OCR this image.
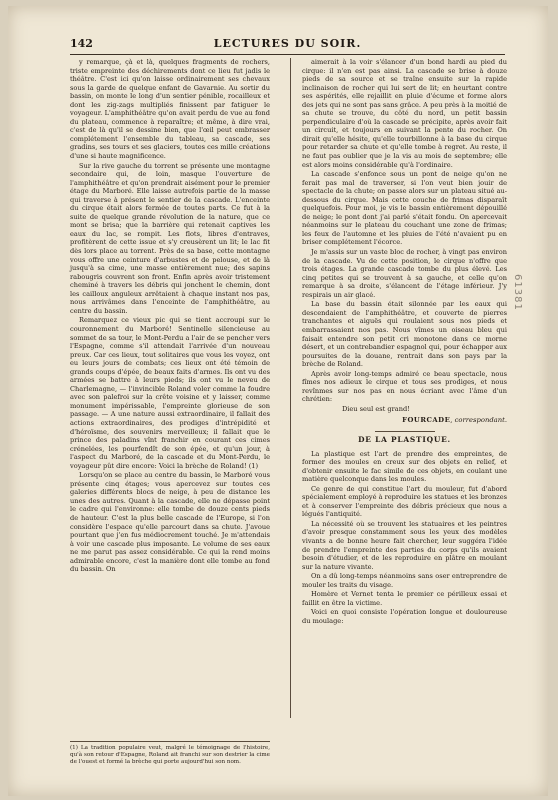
142	LECTURES DU SOIR.

y remarque, çà et là, quelques fragments de rochers, triste empreinte des déchirements dont ce lieu fut jadis le théâtre. C'est ici qu'on laisse ordinairement ses chevaux sous la garde de quelque enfant de Gavarnie. Au sortir du bassin, on monte le long d'un sentier pénible, rocailleux et dont les zig-zags multipliés finissent par fatiguer le voyageur. L'amphithéâtre qu'on avait perdu de vue au fond du plateau, commence à reparaître; et même, à dire vrai, c'est de là qu'il se dessine bien, que l'œil peut embrasser complétement l'ensemble du tableau, sa cascade, ses gradins, ses tours et ses glaciers, toutes ces mille créations d'une si haute magnificence.

Sur la rive gauche du torrent se présente une montagne secondaire qui, de loin, masque l'ouverture de l'amphithéâtre et qu'on prendrait aisément pour le premier étage du Marboré. Elle laisse autrefois partie de la masse qui traverse à présent le sentier de la cascade. L'enceinte du cirque était alors fermée de toutes parts. Ce fut à la suite de quelque grande révolution de la nature, que ce mont se brisa; que la barrière qui retenait captives les eaux du lac, se rompit. Les flots, libres d'entraves, profitèrent de cette issue et s'y creusèrent un lit; le lac fit dès lors place au torrent. Près de sa base, cette montagne vous offre une ceinture d'arbustes et de pelouse, et de là jusqu'à sa cime, une masse entièrement nue; des sapins rabougris couvrent son front. Enfin après avoir tristement cheminé à travers les débris qui jonchent le chemin, dont les cailloux anguleux arrêtaient à chaque instant nos pas, nous arrivâmes dans l'enceinte de l'amphithéâtre, au centre du bassin.

Remarquez ce vieux pic qui se tient accroupi sur le couronnement du Marboré! Sentinelle silencieuse au sommet de sa tour, le Mont-Perdu a l'air de se pencher vers l'Espagne, comme s'il attendait l'arrivée d'un nouveau preux. Car ces lieux, tout solitaires que vous les voyez, ont eu leurs jours de combats; ces lieux ont été témoin de grands coups d'épée, de beaux faits d'armes. Ils ont vu des armées se battre à leurs pieds; ils ont vu le neveu de Charlemagne, — l'invincible Roland voler comme la foudre avec son palefroi sur la crête voisine et y laisser, comme monument impérissable, l'empreinte glorieuse de son passage. — A une nature aussi extraordinaire, il fallait des actions extraordinaires, des prodiges d'intrépidité et d'héroïsme, des souvenirs merveilleux; il fallait que le prince des paladins vînt franchir en courant ces cimes crénelées, les pourfendît de son épée, et qu'un jour, à l'aspect du Marboré, de la cascade et du Mont-Perdu, le voyageur pût dire encore: Voici la brèche de Roland! (1)

Lorsqu'on se place au centre du bassin, le Marboré vous présente cinq étages; vous apercevez sur toutes ces galeries différents blocs de neige, à peu de distance les unes des autres. Quant à la cascade, elle ne dépasse point le cadre qui l'environne: elle tombe de douze cents pieds de hauteur. C'est la plus belle cascade de l'Europe, si l'on considère l'espace qu'elle parcourt dans sa chute. J'avoue pourtant que j'en fus médiocrement touché. Je m'attendais à voir une cascade plus imposante. Le volume de ses eaux ne me parut pas assez considérable. Ce qui la rend moins admirable encore, c'est la manière dont elle tombe au fond du bassin. On

(1) La tradition populaire veut, malgré le témoignage de l'histoire, qu'à son retour d'Espagne, Roland ait franchi sur son destrier la cime de l'ouest et formé la brèche qui porte aujourd'hui son nom.

aimerait à la voir s'élancer d'un bond hardi au pied du cirque: il n'en est pas ainsi. La cascade se brise à douze pieds de sa source et se traîne ensuite sur la rapide inclinaison de rocher qui lui sert de lit; en heurtant contre ses aspérités, elle rejaillit en pluie d'écume et forme alors des jets qui ne sont pas sans grâce. A peu près à la moitié de sa chute se trouve, du côté du nord, un petit bassin perpendiculaire d'où la cascade se précipite, après avoir fait un circuit, et toujours en suivant la pente du rocher. On dirait qu'elle hésite, qu'elle tourbillonne à la base du cirque pour retarder sa chute et qu'elle tombe à regret. Au reste, il ne faut pas oublier que je la vis au mois de septembre; elle est alors moins considérable qu'à l'ordinaire.

La cascade s'enfonce sous un pont de neige qu'on ne ferait pas mal de traverser, si l'on veut bien jouir de spectacle de la chute; on passe alors sur un plateau situé au-dessous du cirque. Mais cette couche de frimas disparaît quelquefois. Pour moi, je vis le bassin entièrement dépouillé de neige; le pont dont j'ai parlé s'était fondu. On apercevait néanmoins sur le plateau du couchant une zone de frimas; les feux de l'automne et les pluies de l'été n'avaient pu en briser complétement l'écorce.

Je m'assis sur un vaste bloc de rocher, à vingt pas environ de la cascade. Vu de cette position, le cirque n'offre que trois étages. La grande cascade tombe du plus élevé. Les cinq petites qui se trouvent à sa gauche, et celle qu'on remarque à sa droite, s'élancent de l'étage inférieur. J'y respirais un air glacé.

La base du bassin était silonnée par les eaux qui descendaient de l'amphithéâtre, et couverte de pierres tranchantes et aiguës qui roulaient sous nos pieds et embarrassaient nos pas. Nous vîmes un oiseau bleu qui faisait entendre son petit cri monotone dans ce morne désert, et un contrebandier espagnol qui, pour échapper aux poursuites de la douane, rentrait dans son pays par la brèche de Roland.

Après avoir long-temps admiré ce beau spectacle, nous fîmes nos adieux le cirque et tous ses prodiges, et nous revînmes sur nos pas en nous écriant avec l'âme d'un chrétien:

Dieu seul est grand!

FOURCADE, correspondant.
DE LA PLASTIQUE.

La plastique est l'art de prendre des empreintes, de former des moules en creux sur des objets en relief, et d'obtenir ensuite le fac simile de ces objets, en coulant une matière quelconque dans les moules.

Ce genre de qui constitue l'art du mouleur, fut d'abord spécialement employé à reproduire les statues et les bronzes et à conserver l'empreinte des débris précieux que nous a légués l'antiquité.

La nécessité où se trouvent les statuaires et les peintres d'avoir presque constamment sous les yeux des modèles vivants a de bonne heure fait chercher, leur suggéra l'idée de prendre l'empreinte des parties du corps qu'ils avaient besoin d'étudier, et de les reproduire en plâtre en moulant sur la nature vivante.

On a dû long-temps néanmoins sans oser entreprendre de mouler les traits du visage.

Homère et Vernet tenta le premier ce périlleux essai et faillit en être la victime.

Voici en quoi consiste l'opération longue et douloureuse du moulage:

61381
